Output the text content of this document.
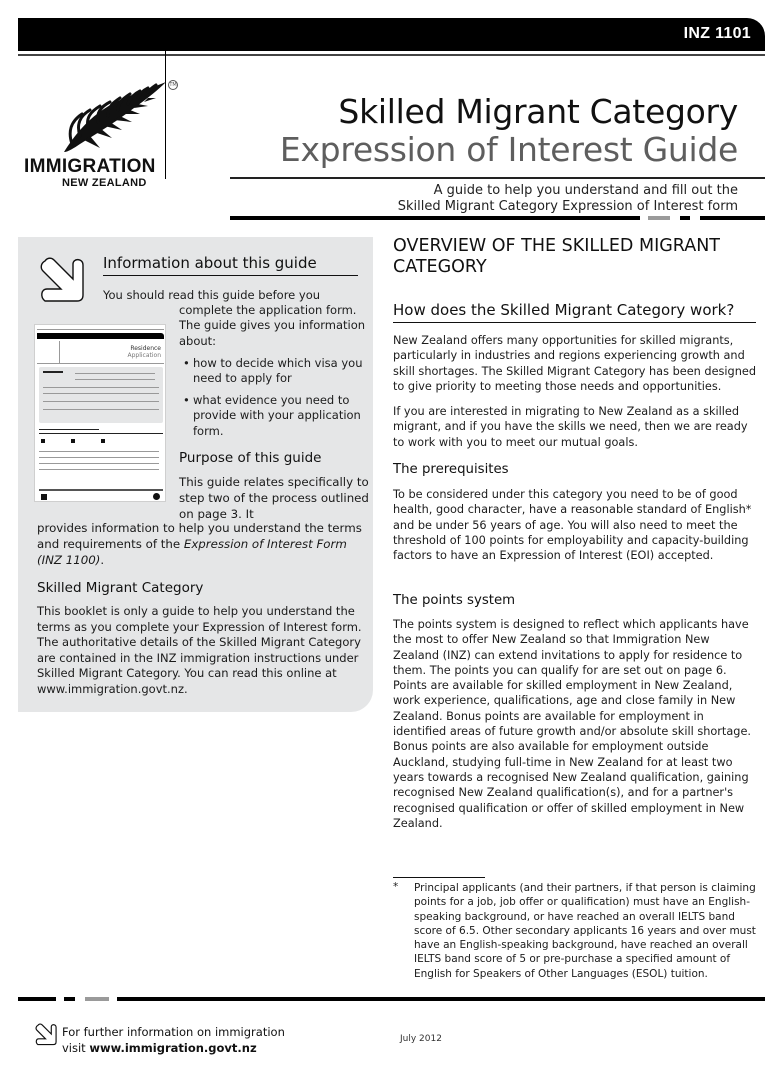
INZ 1101
TM
IMMIGRATION
NEW ZEALAND
Skilled Migrant Category
Expression of Interest Guide
A guide to help you understand and fill out the
Skilled Migrant Category Expression of Interest form
Information about this guide
You should read this guide before you
complete the application form. The guide gives you information about:
• how to decide which visa you need to apply for
• what evidence you need to provide with your application form.
Residence
Application
Purpose of this guide
This guide relates specifically to step two of the process outlined on page 3. It
provides information to help you understand the terms and requirements of the Expression of Interest Form (INZ 1100).
Skilled Migrant Category
This booklet is only a guide to help you understand the terms as you complete your Expression of Interest form. The authoritative details of the Skilled Migrant Category are contained in the INZ immigration instructions under Skilled Migrant Category. You can read this online at www.immigration.govt.nz.
OVERVIEW OF THE SKILLED MIGRANT CATEGORY
How does the Skilled Migrant Category work?
New Zealand offers many opportunities for skilled migrants, particularly in industries and regions experiencing growth and skill shortages. The Skilled Migrant Category has been designed to give priority to meeting those needs and opportunities.
If you are interested in migrating to New Zealand as a skilled migrant, and if you have the skills we need, then we are ready to work with you to meet our mutual goals.
The prerequisites
To be considered under this category you need to be of good health, good character, have a reasonable standard of English* and be under 56 years of age. You will also need to meet the threshold of 100 points for employability and capacity-building factors to have an Expression of Interest (EOI) accepted.
The points system
The points system is designed to reflect which applicants have the most to offer New Zealand so that Immigration New Zealand (INZ) can extend invitations to apply for residence to them. The points you can qualify for are set out on page 6. Points are available for skilled employment in New Zealand, work experience, qualifications, age and close family in New Zealand. Bonus points are available for employment in identified areas of future growth and/or absolute skill shortage. Bonus points are also available for employment outside Auckland, studying full-time in New Zealand for at least two years towards a recognised New Zealand qualification, gaining recognised New Zealand qualification(s), and for a partner's recognised qualification or offer of skilled employment in New Zealand.
* Principal applicants (and their partners, if that person is claiming points for a job, job offer or qualification) must have an English-speaking background, or have reached an overall IELTS band score of 6.5. Other secondary applicants 16 years and over must have an English-speaking background, have reached an overall IELTS band score of 5 or pre-purchase a specified amount of English for Speakers of Other Languages (ESOL) tuition.
For further information on immigration
visit www.immigration.govt.nz
July 2012
